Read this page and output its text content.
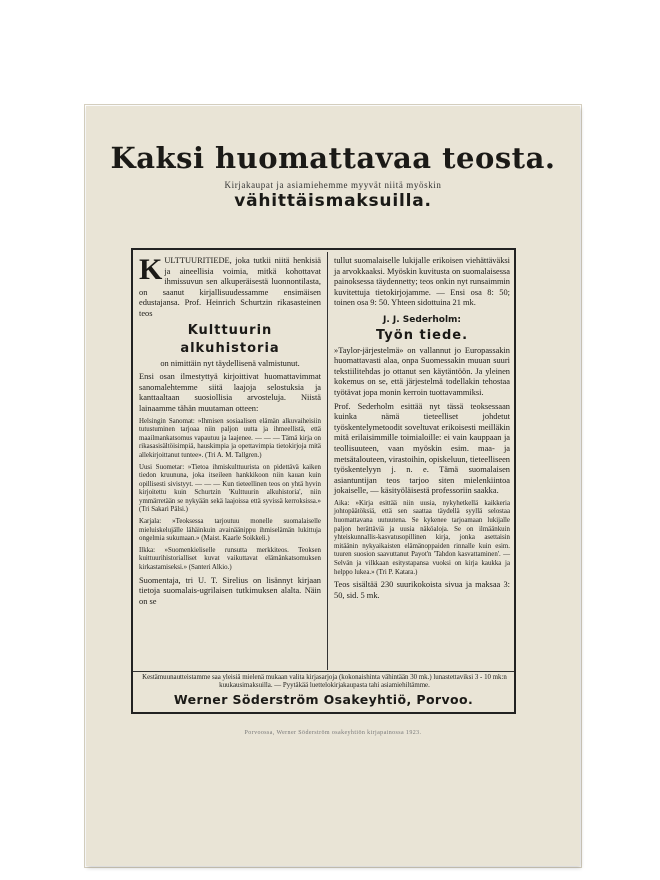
Kaksi huomattavaa teosta.

Kirjakaupat ja asiamiehemme myyvät niitä myöskin

vähittäismaksuilla.

KULTTUURITIEDE, joka tutkii niitä henkisiä ja aineellisia voimia, mitkä kohottavat ihmissuvun sen alkuperäisestä luonnontilasta, on saanut kirjallisuudessamme ensimäisen edustajansa. Prof. Heinrich Schurtzin rikasasteinen teos

Kulttuurin
alkuhistoria

on nimittäin nyt täydellisenä valmistunut.

Ensi osan ilmestyttyä kirjoittivat huomattavimmat sanomalehtemme siitä laajoja selostuksia ja kanttaaltaan suosiollisia arvosteluja. Niistä lainaamme tähän muutaman otteen:

Helsingin Sanomat: »Ihmisen sosiaalisen elämän alkuvaiheisiin tutustuminen tarjoaa niin paljon uutta ja ihmeellistä, että maailmankatsomus vapautuu ja laajenee. — — — Tämä kirja on rikasasisältöisimpiä, hauskimpia ja opettavimpia tietokirjoja mitä allekirjoittanut tuntee». (Tri A. M. Tallgren.)

Uusi Suometar: »Tietoa ihmiskulttuurista on pidettävä kaiken tiedon kruununa, joka itseileen hankkikoon niin kauan kuin opillisesti sivistyyt. — — — Kun tieteellinen teos on yhtä hyvin kirjoitettu kuin Schurtzin 'Kulttuurin alkuhistoria', niin ymmärretään se nykyään sekä laajoissa että syvissä kerroksissa.» (Tri Sakari Pälsi.)

Karjala: »Teoksessa tarjoutuu monelle suomalaiselle mieluiskelujälle lähäinkuin avainäänippu ihmiselämän lukittuja ongelmia sukumaan.» (Maist. Kaarle Soikkeli.)

Ilkka: »Suomenkieliselle runsutta merkkiteos. Teoksen kuittuurihistorialliset kuvat vaikuttavat elämänkatsomuksen kirkastamiseksi.» (Santeri Alkio.)

Suomentaja, tri U. T. Sirelius on lisännyt kirjaan tietoja suomalais-ugrilaisen tutkimuksen alalta. Näin on se

tullut suomalaiselle lukijalle erikoisen viehättäväksi ja arvokkaaksi. Myöskin kuvitusta on suomalaisessa painoksessa täydennetty; teos onkin nyt runsaimmin kuvitettuja tietokirjojamme. — Ensi osa 8: 50; toinen osa 9: 50. Yhteen sidottuina 21 mk.

J. J. Sederholm:
Työn tiede.

»Taylor-järjestelmä» on vallannut jo Europassakin huomattavasti alaa, onpa Suomessakin muuan suuri tekstiilitehdas jo ottanut sen käytäntöön. Ja yleinen kokemus on se, että järjestelmä todellakin tehostaa työtävat jopa monin kerroin tuottavammiksi.

Prof. Sederholm esittää nyt tässä teoksessaan kuinka nämä tieteelliset johdetut työskentelymetoodit soveltuvat erikoisesti meilläkin mitä erilaisimmille toimialoille: ei vain kauppaan ja teollisuuteen, vaan myöskin esim. maa- ja metsätalouteen, virastoihin, opiskeluun, tieteelliseen työskentelyyn j. n. e. Tämä suomalaisen asiantuntijan teos tarjoo siten mielenkiintoa jokaiselle, — käsityöläisestä professoriin saakka.

Aika: »Kirja esittää niin uusia, nykyhetkellä kaikkeria johtopäätöksiä, että sen saattaa täydellä syyllä selostaa huomattavana uutuutena. Se kykenee tarjoamaan lukijalle paljon herättäviä ja uusia näköaloja. Se on ilmäänkuin yhteiskunnallis-kasvatusopillinen kirja, jonka asettaisin mitäänin nykyaikaisten elämänoppaiden rinnalle kuin esim. tuuren suosion saavuttanut Payot'n 'Tahdon kasvattaminen'. — Selvän ja vilkkaan esitystapansa vuoksi on kirja kaukka ja helppo lukea.» (Tri P. Katara.)

Teos sisältää 230 suurikokoista sivua ja maksaa 3: 50, sid. 5 mk.

Kestämuunautteistamme saa yleisiä mielenä mukaan valita kirjasarjoja (kokonaishinta vähintään 30 mk.) lunastettaviksi 3 - 10 mk:n kuukausimaksuilla. — Pyytäkää luettelokirjakaupasta tahi asiamiehiltämme.
Werner Söderström Osakeyhtiö, Porvoo.
Porvoossa, Werner Söderström osakeyhtiön kirjapainossa 1923.
